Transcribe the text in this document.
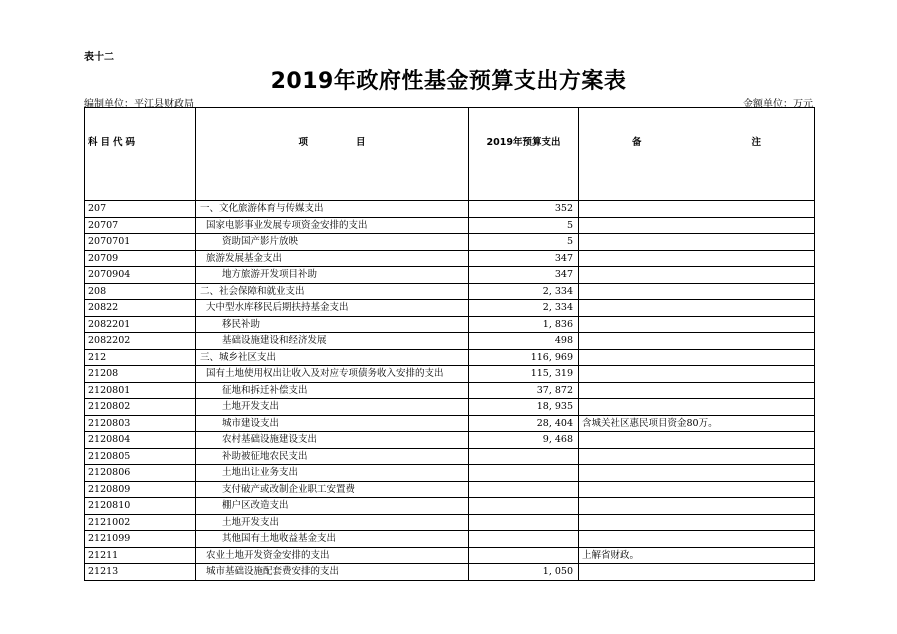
表十二
2019年政府性基金预算支出方案表
编制单位：平江县财政局	金额单位：万元
科目代码	项 目	2019年预算支出	备 注
207	一、文化旅游体育与传媒支出	352	
20707	国家电影事业发展专项资金安排的支出	5	
2070701	资助国产影片放映	5	
20709	旅游发展基金支出	347	
2070904	地方旅游开发项目补助	347	
208	二、社会保障和就业支出	2, 334	
20822	大中型水库移民后期扶持基金支出	2, 334	
2082201	移民补助	1, 836	
2082202	基础设施建设和经济发展	498	
212	三、城乡社区支出	116, 969	
21208	国有土地使用权出让收入及对应专项债务收入安排的支出	115, 319	
2120801	征地和拆迁补偿支出	37, 872	
2120802	土地开发支出	18, 935	
2120803	城市建设支出	28, 404	含城关社区惠民项目资金80万。
2120804	农村基础设施建设支出	9, 468	
2120805	补助被征地农民支出		
2120806	土地出让业务支出		
2120809	支付破产或改制企业职工安置费		
2120810	棚户区改造支出		
2121002	土地开发支出		
2121099	其他国有土地收益基金支出		
21211	农业土地开发资金安排的支出		上解省财政。
21213	城市基础设施配套费安排的支出	1, 050	
